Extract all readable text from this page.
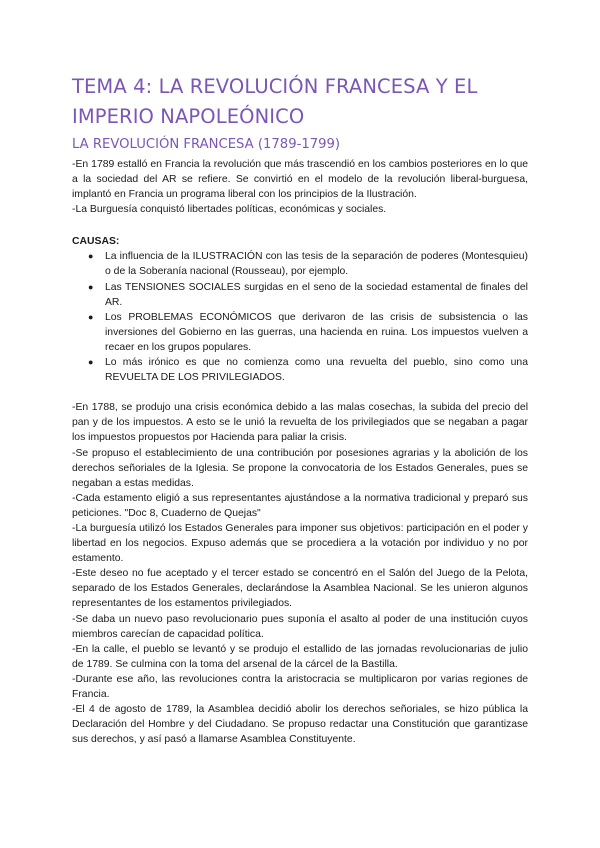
TEMA 4: LA REVOLUCIÓN FRANCESA Y EL IMPERIO NAPOLEÓNICO
LA REVOLUCIÓN FRANCESA (1789-1799)

-En 1789 estalló en Francia la revolución que más trascendió en los cambios posteriores en lo que a la sociedad del AR se refiere. Se convirtió en el modelo de la revolución liberal-burguesa, implantó en Francia un programa liberal con los principios de la Ilustración.

-La Burguesía conquistó libertades políticas, económicas y sociales.

CAUSAS:
● La influencia de la ILUSTRACIÓN con las tesis de la separación de poderes (Montesquieu) o de la Soberanía nacional (Rousseau), por ejemplo.
● Las TENSIONES SOCIALES surgidas en el seno de la sociedad estamental de finales del AR.
● Los PROBLEMAS ECONÓMICOS que derivaron de las crisis de subsistencia o las inversiones del Gobierno en las guerras, una hacienda en ruina. Los impuestos vuelven a recaer en los grupos populares.
● Lo más irónico es que no comienza como una revuelta del pueblo, sino como una REVUELTA DE LOS PRIVILEGIADOS.

-En 1788, se produjo una crisis económica debido a las malas cosechas, la subida del precio del pan y de los impuestos. A esto se le unió la revuelta de los privilegiados que se negaban a pagar los impuestos propuestos por Hacienda para paliar la crisis.

-Se propuso el establecimiento de una contribución por posesiones agrarias y la abolición de los derechos señoriales de la Iglesia. Se propone la convocatoria de los Estados Generales, pues se negaban a estas medidas.

-Cada estamento eligió a sus representantes ajustándose a la normativa tradicional y preparó sus peticiones. "Doc 8, Cuaderno de Quejas"

-La burguesía utilizó los Estados Generales para imponer sus objetivos: participación en el poder y libertad en los negocios. Expuso además que se procediera a la votación por individuo y no por estamento.

-Este deseo no fue aceptado y el tercer estado se concentró en el Salón del Juego de la Pelota, separado de los Estados Generales, declarándose la Asamblea Nacional. Se les unieron algunos representantes de los estamentos privilegiados.

-Se daba un nuevo paso revolucionario pues suponía el asalto al poder de una institución cuyos miembros carecían de capacidad política.

-En la calle, el pueblo se levantó y se produjo el estallido de las jornadas revolucionarias de julio de 1789. Se culmina con la toma del arsenal de la cárcel de la Bastilla.

-Durante ese año, las revoluciones contra la aristocracia se multiplicaron por varias regiones de Francia.

-El 4 de agosto de 1789, la Asamblea decidió abolir los derechos señoriales, se hizo pública la Declaración del Hombre y del Ciudadano. Se propuso redactar una Constitución que garantizase sus derechos, y así pasó a llamarse Asamblea Constituyente.
